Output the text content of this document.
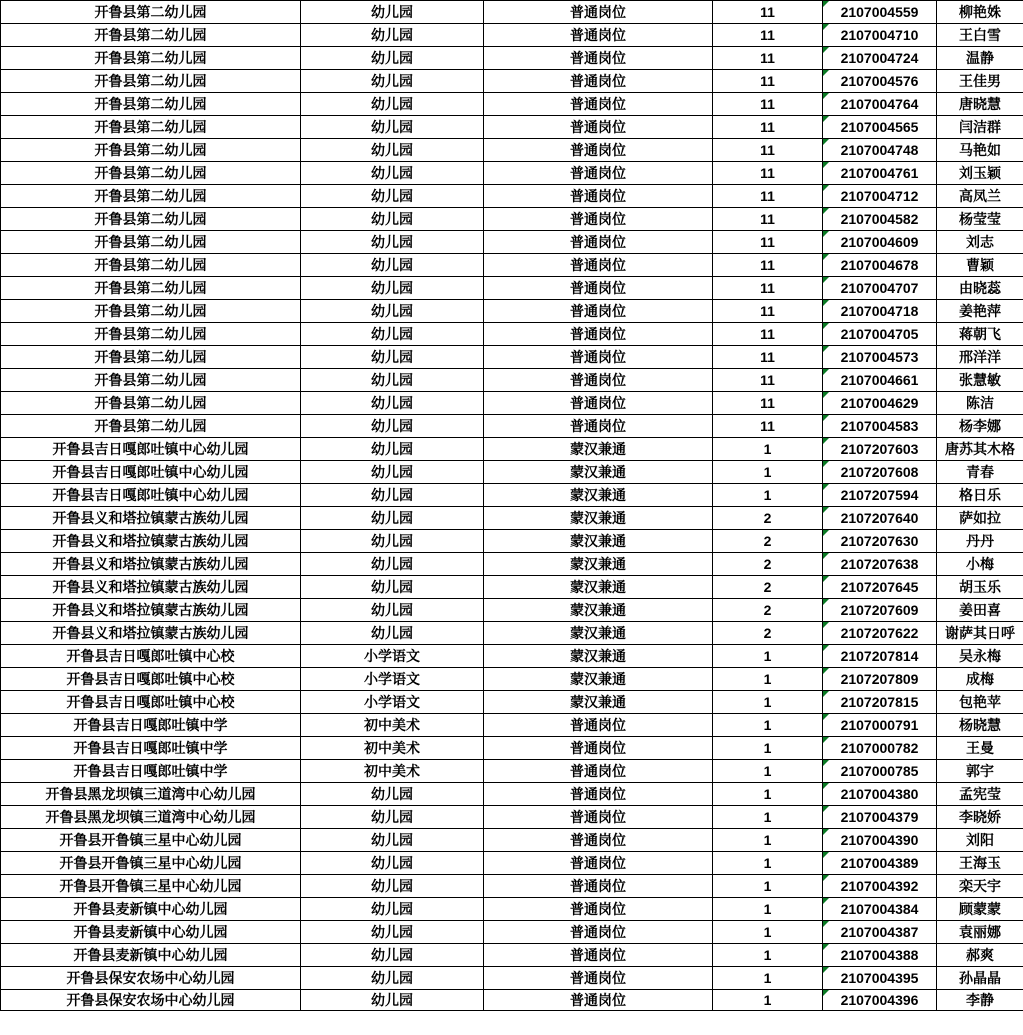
开鲁县第二幼儿园	幼儿园	普通岗位	11	2107004559	柳艳姝
开鲁县第二幼儿园	幼儿园	普通岗位	11	2107004710	王白雪
开鲁县第二幼儿园	幼儿园	普通岗位	11	2107004724	温静
开鲁县第二幼儿园	幼儿园	普通岗位	11	2107004576	王佳男
开鲁县第二幼儿园	幼儿园	普通岗位	11	2107004764	唐晓慧
开鲁县第二幼儿园	幼儿园	普通岗位	11	2107004565	闫洁群
开鲁县第二幼儿园	幼儿园	普通岗位	11	2107004748	马艳如
开鲁县第二幼儿园	幼儿园	普通岗位	11	2107004761	刘玉颖
开鲁县第二幼儿园	幼儿园	普通岗位	11	2107004712	高凤兰
开鲁县第二幼儿园	幼儿园	普通岗位	11	2107004582	杨莹莹
开鲁县第二幼儿园	幼儿园	普通岗位	11	2107004609	刘志
开鲁县第二幼儿园	幼儿园	普通岗位	11	2107004678	曹颖
开鲁县第二幼儿园	幼儿园	普通岗位	11	2107004707	由晓蕊
开鲁县第二幼儿园	幼儿园	普通岗位	11	2107004718	姜艳萍
开鲁县第二幼儿园	幼儿园	普通岗位	11	2107004705	蒋朝飞
开鲁县第二幼儿园	幼儿园	普通岗位	11	2107004573	邢洋洋
开鲁县第二幼儿园	幼儿园	普通岗位	11	2107004661	张慧敏
开鲁县第二幼儿园	幼儿园	普通岗位	11	2107004629	陈洁
开鲁县第二幼儿园	幼儿园	普通岗位	11	2107004583	杨李娜
开鲁县吉日嘎郎吐镇中心幼儿园	幼儿园	蒙汉兼通	1	2107207603	唐苏其木格
开鲁县吉日嘎郎吐镇中心幼儿园	幼儿园	蒙汉兼通	1	2107207608	青春
开鲁县吉日嘎郎吐镇中心幼儿园	幼儿园	蒙汉兼通	1	2107207594	格日乐
开鲁县义和塔拉镇蒙古族幼儿园	幼儿园	蒙汉兼通	2	2107207640	萨如拉
开鲁县义和塔拉镇蒙古族幼儿园	幼儿园	蒙汉兼通	2	2107207630	丹丹
开鲁县义和塔拉镇蒙古族幼儿园	幼儿园	蒙汉兼通	2	2107207638	小梅
开鲁县义和塔拉镇蒙古族幼儿园	幼儿园	蒙汉兼通	2	2107207645	胡玉乐
开鲁县义和塔拉镇蒙古族幼儿园	幼儿园	蒙汉兼通	2	2107207609	姜田喜
开鲁县义和塔拉镇蒙古族幼儿园	幼儿园	蒙汉兼通	2	2107207622	谢萨其日呼
开鲁县吉日嘎郎吐镇中心校	小学语文	蒙汉兼通	1	2107207814	吴永梅
开鲁县吉日嘎郎吐镇中心校	小学语文	蒙汉兼通	1	2107207809	成梅
开鲁县吉日嘎郎吐镇中心校	小学语文	蒙汉兼通	1	2107207815	包艳苹
开鲁县吉日嘎郎吐镇中学	初中美术	普通岗位	1	2107000791	杨晓慧
开鲁县吉日嘎郎吐镇中学	初中美术	普通岗位	1	2107000782	王曼
开鲁县吉日嘎郎吐镇中学	初中美术	普通岗位	1	2107000785	郭宇
开鲁县黑龙坝镇三道湾中心幼儿园	幼儿园	普通岗位	1	2107004380	孟宪莹
开鲁县黑龙坝镇三道湾中心幼儿园	幼儿园	普通岗位	1	2107004379	李晓娇
开鲁县开鲁镇三星中心幼儿园	幼儿园	普通岗位	1	2107004390	刘阳
开鲁县开鲁镇三星中心幼儿园	幼儿园	普通岗位	1	2107004389	王海玉
开鲁县开鲁镇三星中心幼儿园	幼儿园	普通岗位	1	2107004392	栾天宇
开鲁县麦新镇中心幼儿园	幼儿园	普通岗位	1	2107004384	顾蒙蒙
开鲁县麦新镇中心幼儿园	幼儿园	普通岗位	1	2107004387	袁丽娜
开鲁县麦新镇中心幼儿园	幼儿园	普通岗位	1	2107004388	郝爽
开鲁县保安农场中心幼儿园	幼儿园	普通岗位	1	2107004395	孙晶晶
开鲁县保安农场中心幼儿园	幼儿园	普通岗位	1	2107004396	李静
